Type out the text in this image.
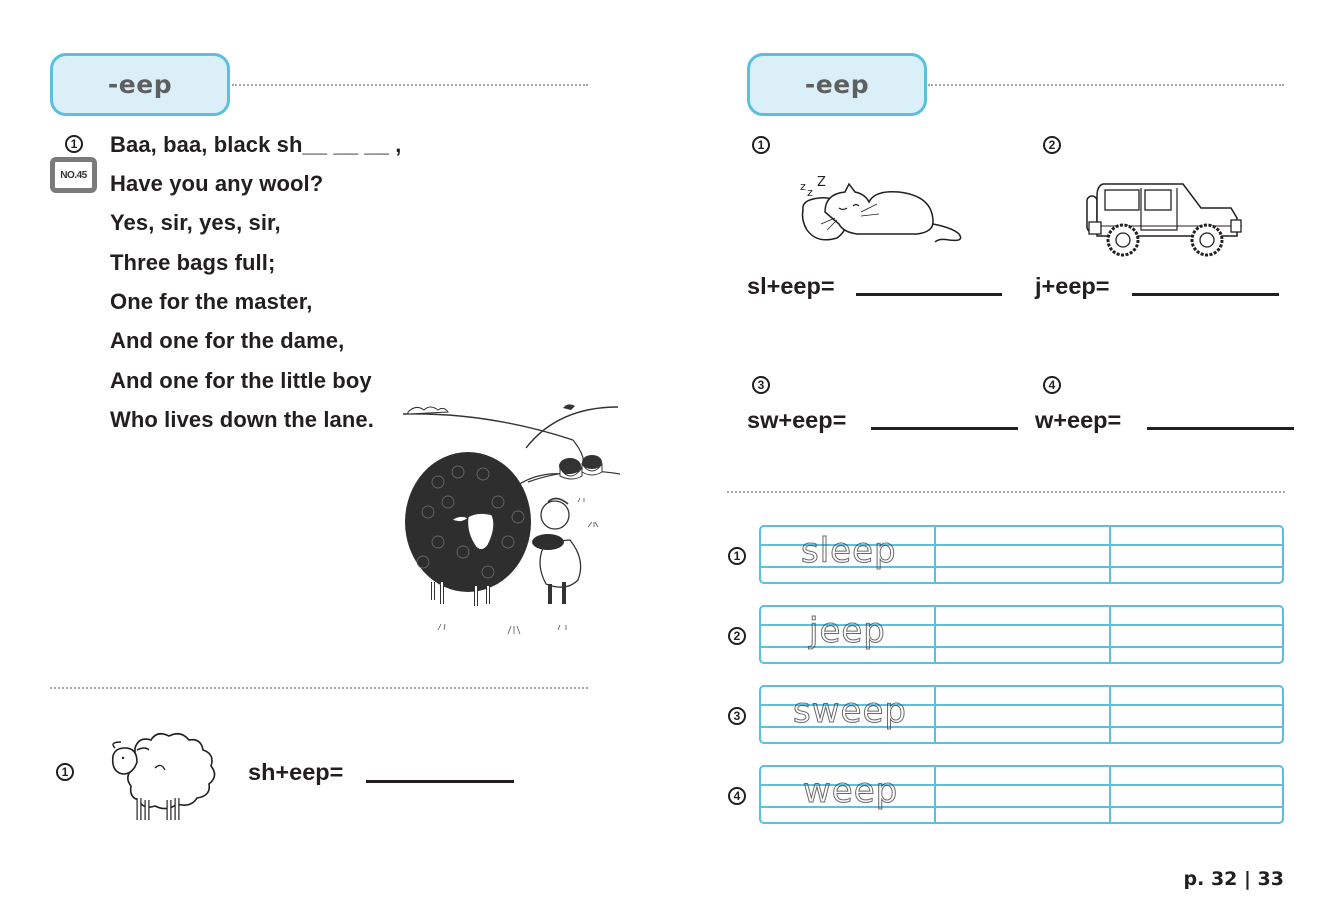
-eep
1
NO.45
Baa, baa, black sh__ __ __ ,
Have you any wool?
Yes, sir, yes, sir,
Three bags full;
One for the master,
And one for the dame,
And one for the little boy
Who lives down the lane.
1	sh+eep=
-eep
1
z z
Z
sl+eep=
2
j+eep=
3
sw+eep=
4
w+eep=
1 sleep
2 jeep
3 sweep
4 weep
p. 32 | 33
